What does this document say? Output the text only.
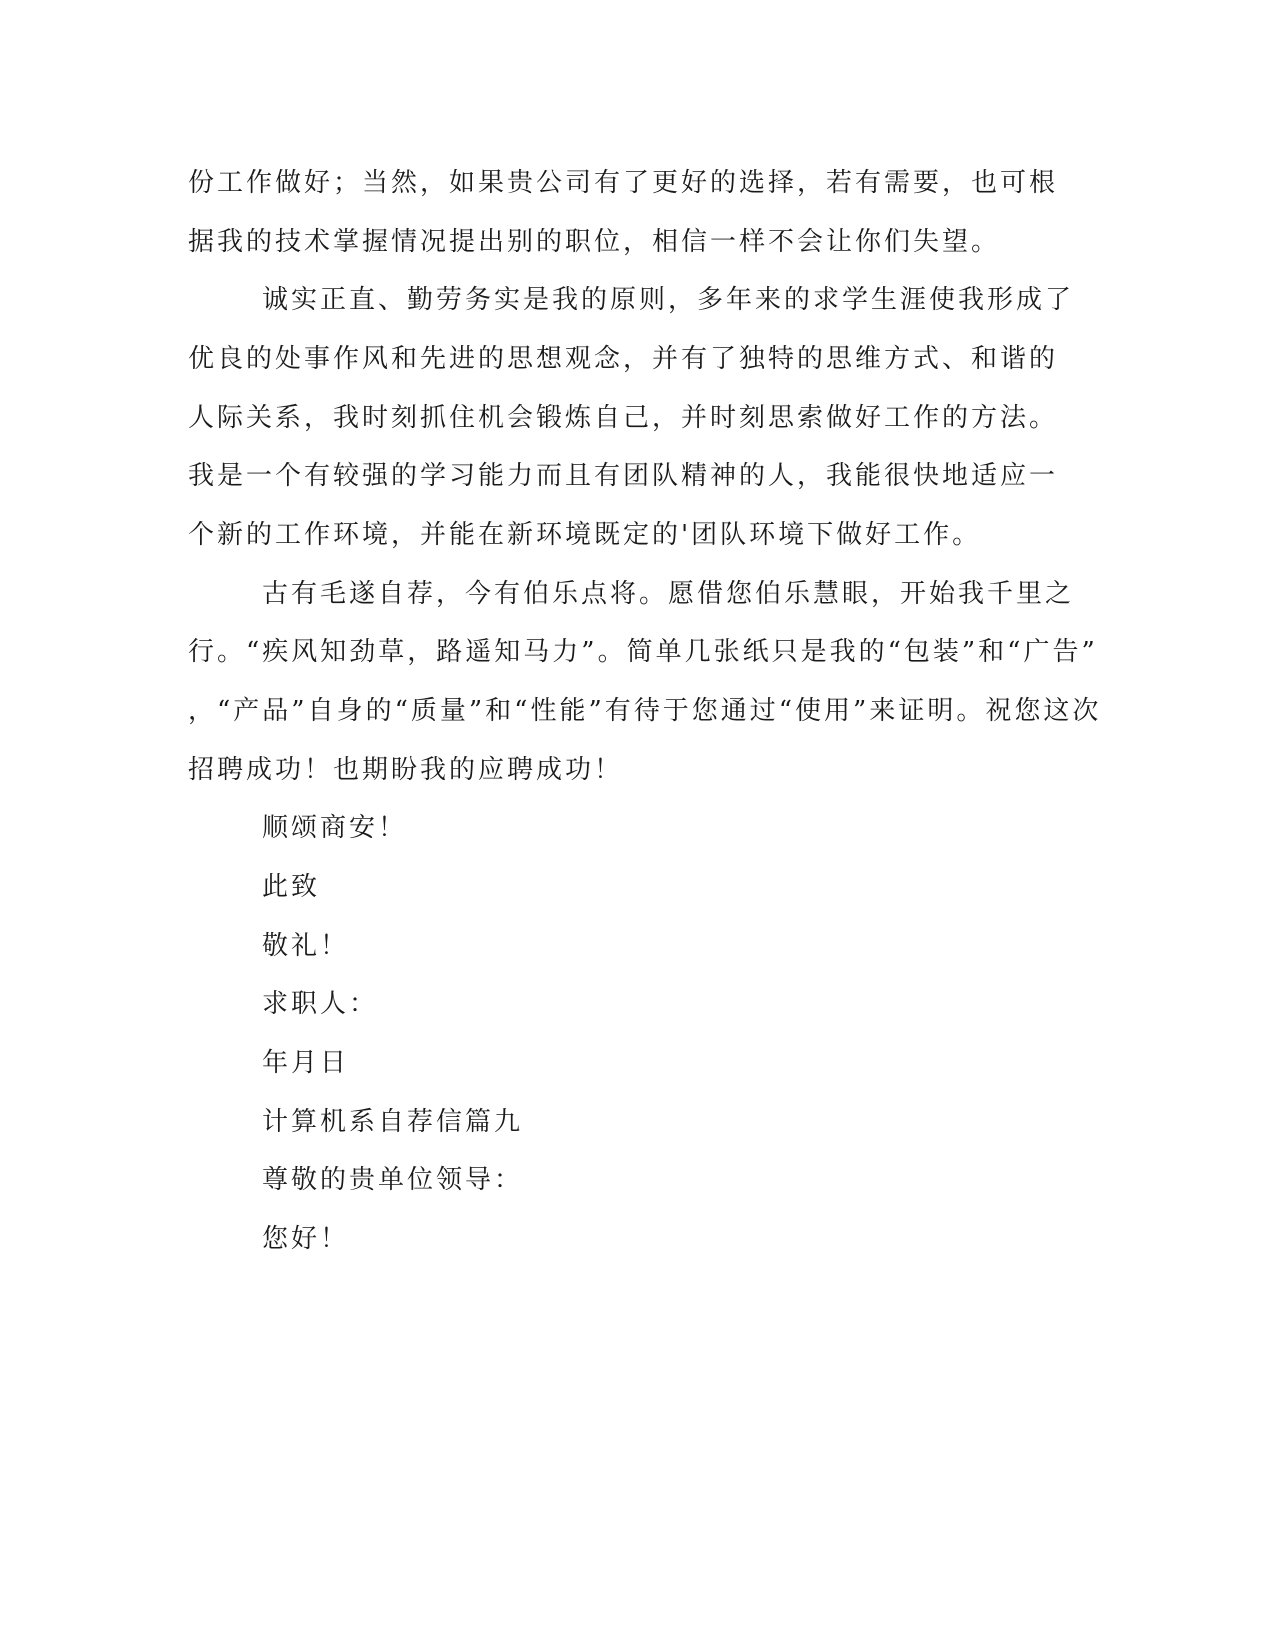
份工作做好；当然，如果贵公司有了更好的选择，若有需要，也可根
据我的技术掌握情况提出别的职位，相信一样不会让你们失望。
诚实正直、勤劳务实是我的原则，多年来的求学生涯使我形成了
优良的处事作风和先进的思想观念，并有了独特的思维方式、和谐的
人际关系，我时刻抓住机会锻炼自己，并时刻思索做好工作的方法。
我是一个有较强的学习能力而且有团队精神的人，我能很快地适应一
个新的工作环境，并能在新环境既定的'团队环境下做好工作。
古有毛遂自荐，今有伯乐点将。愿借您伯乐慧眼，开始我千里之
行。“疾风知劲草，路遥知马力”。简单几张纸只是我的“包装”和“广告”
，“产品”自身的“质量”和“性能”有待于您通过“使用”来证明。祝您这次
招聘成功！也期盼我的应聘成功！
顺颂商安！
此致
敬礼！
求职人：
年月日
计算机系自荐信篇九
尊敬的贵单位领导：
您好！
